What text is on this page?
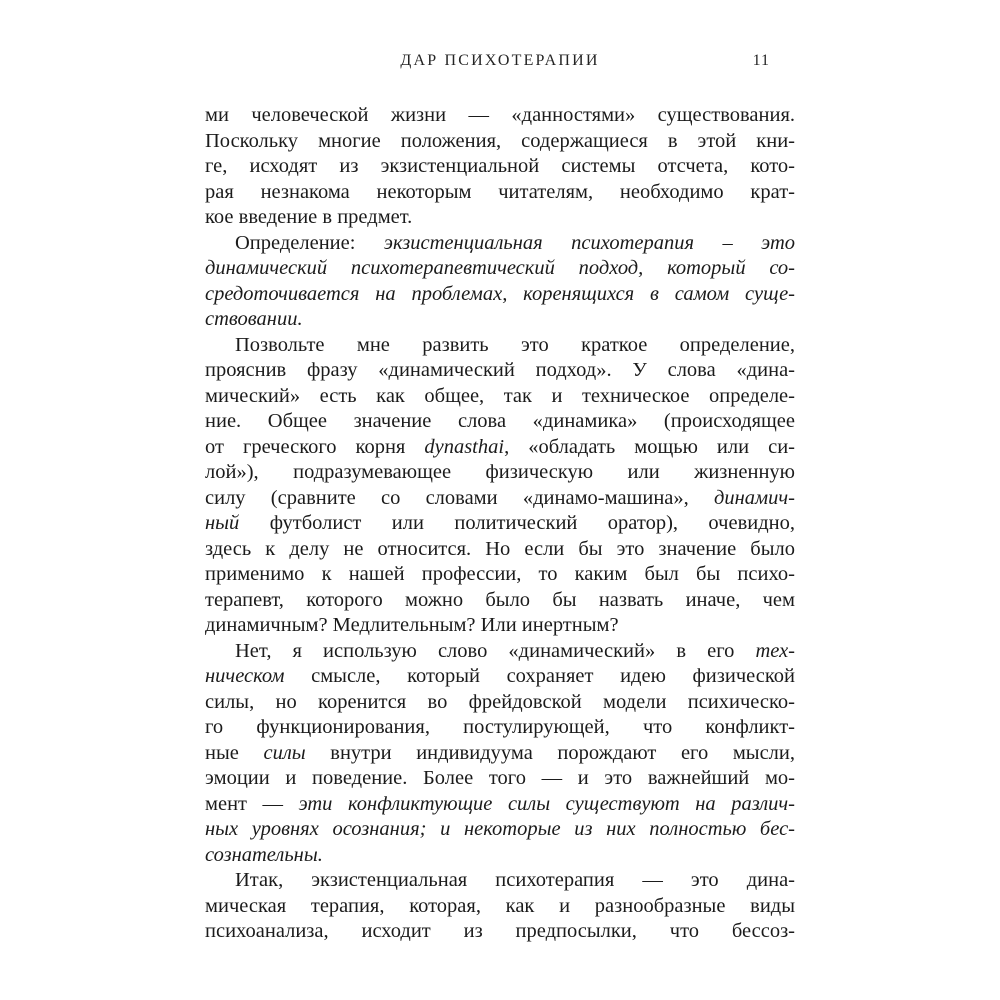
ДАР ПСИХОТЕРАПИИ	11
ми человеческой жизни — «данностями» существования.
Поскольку многие положения, содержащиеся в этой кни-
ге, исходят из экзистенциальной системы отсчета, кото-
рая незнакома некоторым читателям, необходимо крат-
кое введение в предмет.
Определение: экзистенциальная психотерапия – это
динамический психотерапевтический подход, который со-
средоточивается на проблемах, коренящихся в самом суще-
ствовании.
Позвольте мне развить это краткое определение,
прояснив фразу «динамический подход». У слова «дина-
мический» есть как общее, так и техническое определе-
ние. Общее значение слова «динамика» (происходящее
от греческого корня dynasthai, «обладать мощью или си-
лой»), подразумевающее физическую или жизненную
силу (сравните со словами «динамо-машина», динамич-
ный футболист или политический оратор), очевидно,
здесь к делу не относится. Но если бы это значение было
применимо к нашей профессии, то каким был бы психо-
терапевт, которого можно было бы назвать иначе, чем
динамичным? Медлительным? Или инертным?
Нет, я использую слово «динамический» в его тех-
ническом смысле, который сохраняет идею физической
силы, но коренится во фрейдовской модели психическо-
го функционирования, постулирующей, что конфликт-
ные силы внутри индивидуума порождают его мысли,
эмоции и поведение. Более того — и это важнейший мо-
мент — эти конфликтующие силы существуют на различ-
ных уровнях осознания; и некоторые из них полностью бес-
сознательны.
Итак, экзистенциальная психотерапия — это дина-
мическая терапия, которая, как и разнообразные виды
психоанализа, исходит из предпосылки, что бессоз-
